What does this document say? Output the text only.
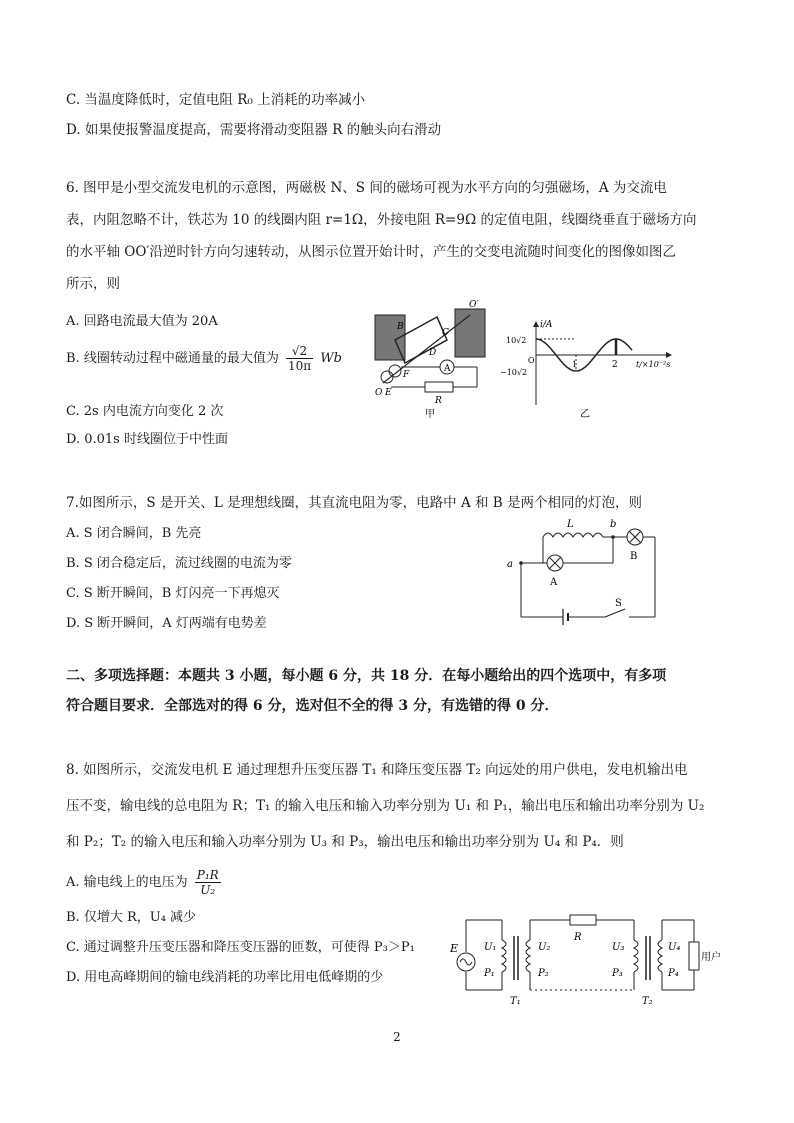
C. 当温度降低时，定值电阻 R₀ 上消耗的功率减小
D. 如果使报警温度提高，需要将滑动变阻器 R 的触头向右滑动
6. 图甲是小型交流发电机的示意图，两磁极 N、S 间的磁场可视为水平方向的匀强磁场，A 为交流电
表，内阻忽略不计，铁芯为 10 的线圈内阻 r=1Ω，外接电阻 R=9Ω 的定值电阻，线圈绕垂直于磁场方向
的水平轴 OO′沿逆时针方向匀速转动，从图示位置开始计时，产生的交变电流随时间变化的图像如图乙
所示，则
A. 回路电流最大值为 20A
B. 线圈转动过程中磁通量的最大值为 $\frac{√2}{10\pi}$ Wb
C. 2s 内电流方向变化 2 次
D. 0.01s 时线圈位于中性面
A
O′
B
C
D
R
O E
F
甲
i/A
10√2
−10√2
O	1	2 t/×10⁻²s
乙
7.如图所示，S 是开关、L 是理想线圈，其直流电阻为零，电路中 A 和 B 是两个相同的灯泡，则
A. S 闭合瞬间，B 先亮
B. S 闭合稳定后，流过线圈的电流为零
C. S 断开瞬间，B 灯闪亮一下再熄灭
D. S 断开瞬间，A 灯两端有电势差
L	b
a
A
B
S
二、多项选择题：本题共 3 小题，每小题 6 分，共 18 分．在每小题给出的四个选项中，有多项
符合题目要求．全部选对的得 6 分，选对但不全的得 3 分，有选错的得 0 分．
8. 如图所示，交流发电机 E 通过理想升压变压器 T₁ 和降压变压器 T₂ 向远处的用户供电，发电机输出电
压不变，输电线的总电阻为 R；T₁ 的输入电压和输入功率分别为 U₁ 和 P₁，输出电压和输出功率分别为 U₂
和 P₂；T₂ 的输入电压和输入功率分别为 U₃ 和 P₃，输出电压和输出功率分别为 U₄ 和 P₄．则
A. 输电线上的电压为 $\frac{\text{P₁R}}{\text{U₂}}$
B. 仅增大 R，U₄ 减少
C. 通过调整升压变压器和降压变压器的匝数，可使得 P₃＞P₁
D. 用电高峰期间的输电线消耗的功率比用电低峰期的少
E	U₁
P₁
U₂
P₂
R
U₃
P₃
U₄
P₄
T₁	T₂
用户
2
